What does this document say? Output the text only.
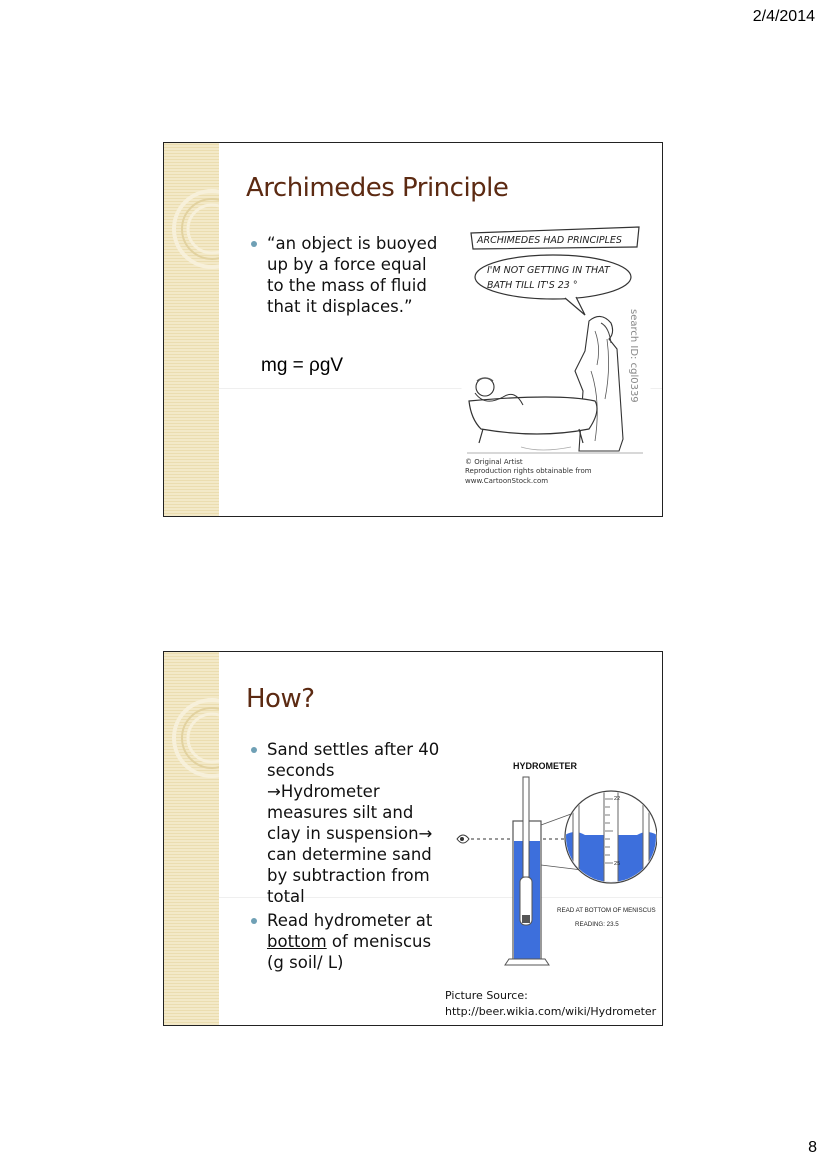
2/4/2014
Archimedes Principle
“an object is buoyed up by a force equal to the mass of fluid that it displaces.”
mg = ρgV
ARCHIMEDES HAD PRINCIPLES
I'M NOT GETTING IN THAT
BATH TILL IT'S 23 °
search ID: cgl0339
© Original Artist
Reproduction rights obtainable from
www.CartoonStock.com
How?
Sand settles after 40 seconds →Hydrometer measures silt and clay in suspension→ can determine sand by subtraction from total
Read hydrometer at bottom of meniscus (g soil/ L)
HYDROMETER
22
25
READ AT BOTTOM OF MENISCUS
READING: 23.5
Picture Source:
http://beer.wikia.com/wiki/Hydrometer
8
